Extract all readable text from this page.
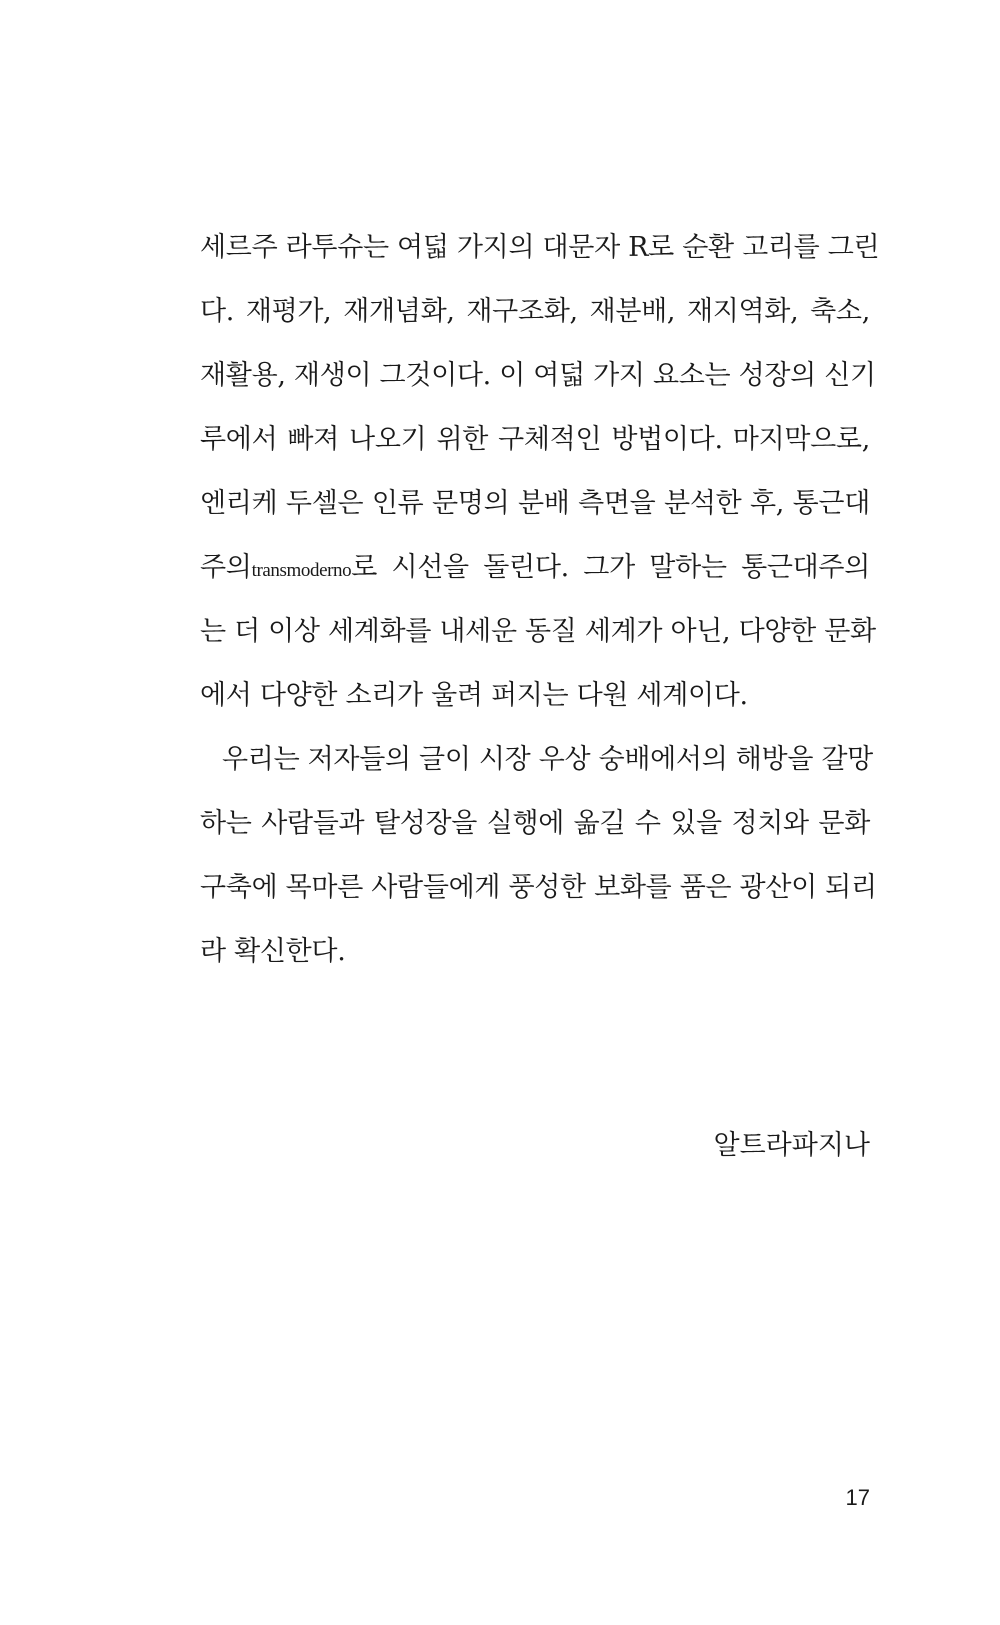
세르주 라투슈는 여덟 가지의 대문자 R로 순환 고리를 그린
다. 재평가, 재개념화, 재구조화, 재분배, 재지역화, 축소,
재활용, 재생이 그것이다. 이 여덟 가지 요소는 성장의 신기
루에서 빠져 나오기 위한 구체적인 방법이다. 마지막으로,
엔리케 두셀은 인류 문명의 분배 측면을 분석한 후, 통근대
주의transmoderno로 시선을 돌린다. 그가 말하는 통근대주의
는 더 이상 세계화를 내세운 동질 세계가 아닌, 다양한 문화
에서 다양한 소리가 울려 퍼지는 다원 세계이다.
우리는 저자들의 글이 시장 우상 숭배에서의 해방을 갈망
하는 사람들과 탈성장을 실행에 옮길 수 있을 정치와 문화
구축에 목마른 사람들에게 풍성한 보화를 품은 광산이 되리
라 확신한다.
알트라파지나
17
